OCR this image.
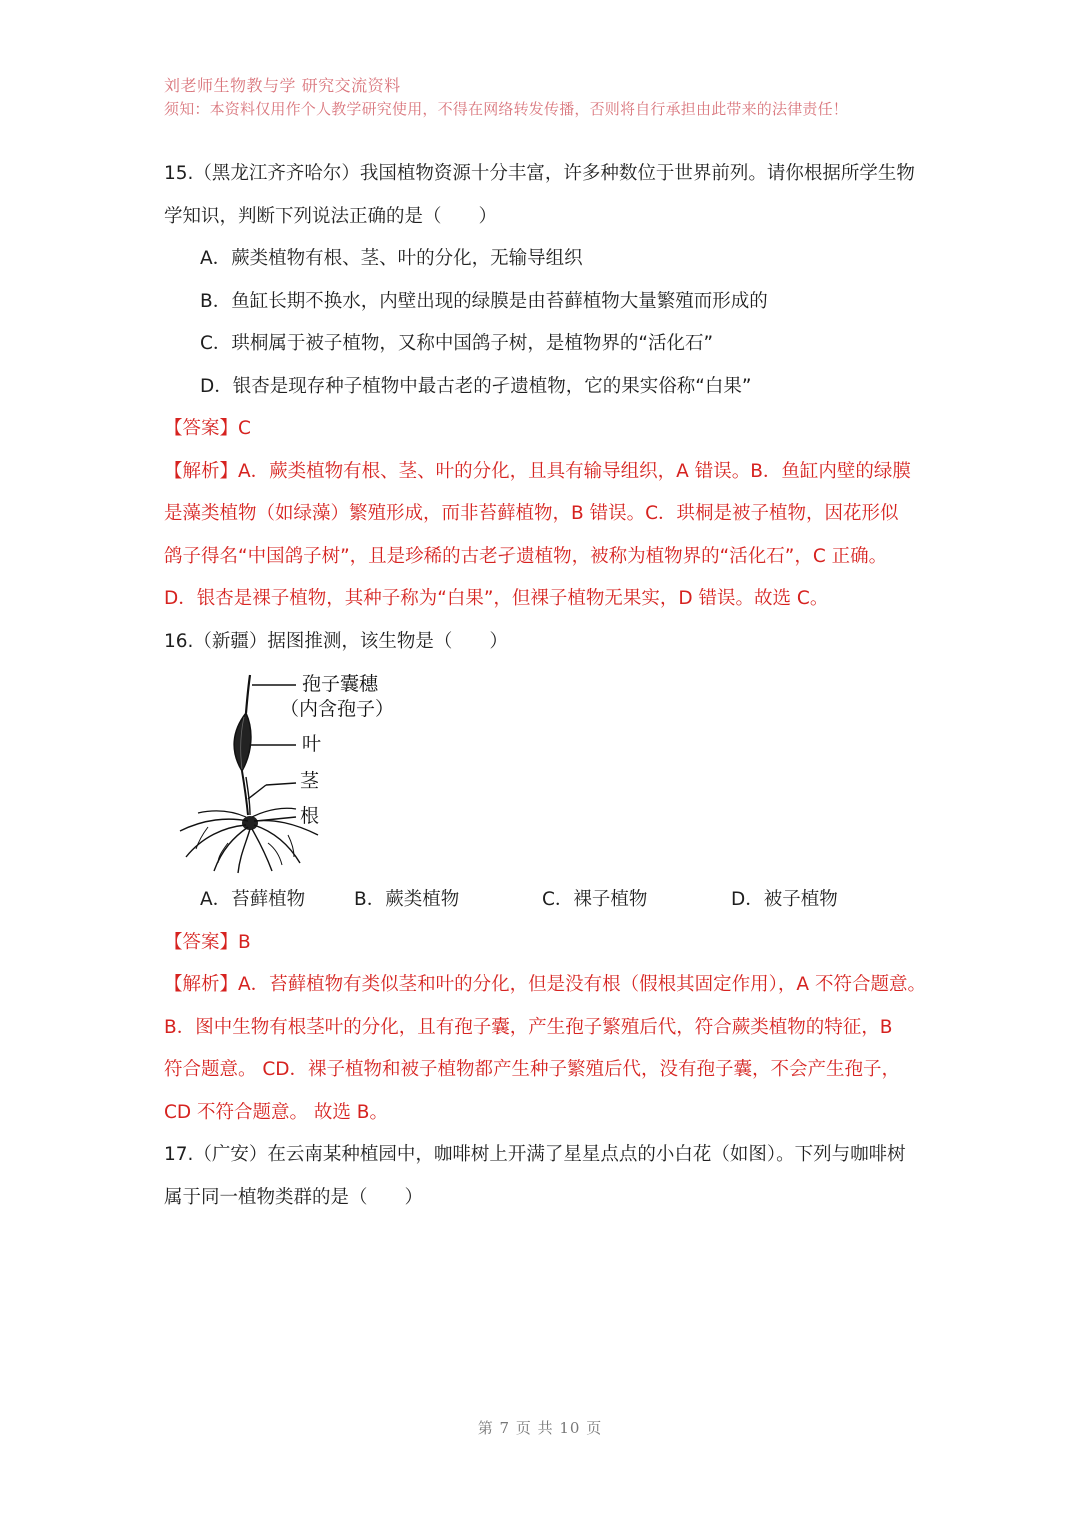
刘老师生物教与学 研究交流资料
须知：本资料仅用作个人教学研究使用，不得在网络转发传播，否则将自行承担由此带来的法律责任！
15.（黑龙江齐齐哈尔）我国植物资源十分丰富，许多种数位于世界前列。请你根据所学生物
学知识，判断下列说法正确的是（　　）
A．蕨类植物有根、茎、叶的分化，无输导组织
B．鱼缸长期不换水，内壁出现的绿膜是由苔藓植物大量繁殖而形成的
C．珙桐属于被子植物，又称中国鸽子树，是植物界的“活化石”
D．银杏是现存种子植物中最古老的孑遗植物，它的果实俗称“白果”
【答案】C
【解析】A．蕨类植物有根、茎、叶的分化，且具有输导组织，A 错误。B．鱼缸内壁的绿膜
是藻类植物（如绿藻）繁殖形成，而非苔藓植物，B 错误。C．珙桐是被子植物，因花形似
鸽子得名“中国鸽子树”，且是珍稀的古老孑遗植物，被称为植物界的“活化石”，C 正确。
D．银杏是裸子植物，其种子称为“白果”，但裸子植物无果实，D 错误。故选 C。
16.（新疆）据图推测，该生物是（　　）
孢子囊穗
（内含孢子）
叶
茎
根
A．苔藓植物	B．蕨类植物	C．裸子植物	D．被子植物
【答案】B
【解析】A．苔藓植物有类似茎和叶的分化，但是没有根（假根其固定作用），A 不符合题意。
B．图中生物有根茎叶的分化，且有孢子囊，产生孢子繁殖后代，符合蕨类植物的特征，B
符合题意。 CD．裸子植物和被子植物都产生种子繁殖后代，没有孢子囊，不会产生孢子，
CD 不符合题意。 故选 B。
17.（广安）在云南某种植园中，咖啡树上开满了星星点点的小白花（如图）。下列与咖啡树
属于同一植物类群的是（　　）
第 7 页 共 10 页
